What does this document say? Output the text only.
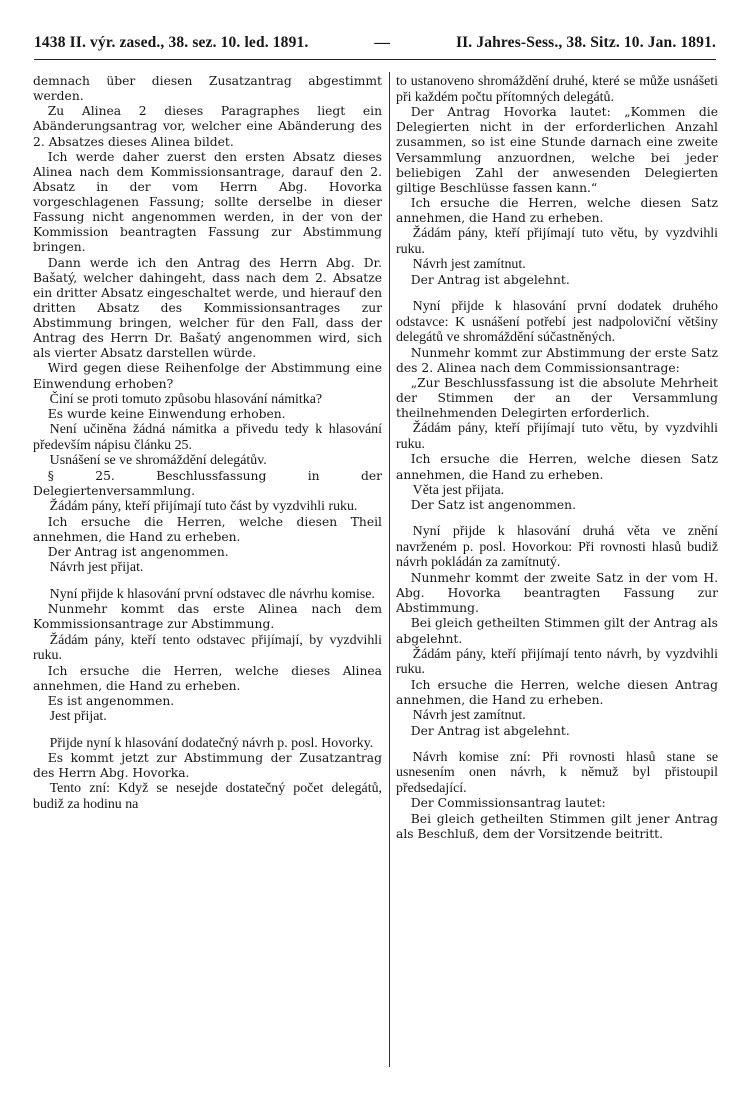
1438 II. výr. zased., 38. sez. 10. led. 1891.	—	II. Jahres-Sess., 38. Sitz. 10. Jan. 1891.

demnach über diesen Zusatzantrag abgestimmt werden.

Zu Alinea 2 dieses Paragraphes liegt ein Abänderungsantrag vor, welcher eine Abänderung des 2. Absatzes dieses Alinea bildet.

Ich werde daher zuerst den ersten Absatz dieses Alinea nach dem Kommissionsantrage, darauf den 2. Absatz in der vom Herrn Abg. Hovorka vorgeschlagenen Fassung; sollte derselbe in dieser Fassung nicht angenommen werden, in der von der Kommission beantragten Fassung zur Abstimmung bringen.

Dann werde ich den Antrag des Herrn Abg. Dr. Bašatý, welcher dahingeht, dass nach dem 2. Absatze ein dritter Absatz eingeschaltet werde, und hierauf den dritten Absatz des Kommissionsantrages zur Abstimmung bringen, welcher für den Fall, dass der Antrag des Herrn Dr. Bašatý angenommen wird, sich als vierter Absatz darstellen würde.

Wird gegen diese Reihenfolge der Abstimmung eine Einwendung erhoben?

Činí se proti tomuto způsobu hlasování námitka?

Es wurde keine Einwendung erhoben.

Není učiněna žádná námitka a přivedu tedy k hlasování především nápisu článku 25.

Usnášení se ve shromáždění delegátův.

§ 25. Beschlussfassung in der Delegiertenversammlung.

Žádám pány, kteří přijímají tuto část by vyzdvihli ruku.

Ich ersuche die Herren, welche diesen Theil annehmen, die Hand zu erheben.

Der Antrag ist angenommen.

Návrh jest přijat.

Nyní přijde k hlasování první odstavec dle návrhu komise.

Nunmehr kommt das erste Alinea nach dem Kommissionsantrage zur Abstimmung.

Žádám pány, kteří tento odstavec přijímají, by vyzdvihli ruku.

Ich ersuche die Herren, welche dieses Alinea annehmen, die Hand zu erheben.

Es ist angenommen.

Jest přijat.

Přijde nyní k hlasování dodatečný návrh p. posl. Hovorky.

Es kommt jetzt zur Abstimmung der Zusatzantrag des Herrn Abg. Hovorka.

Tento zní: Když se nesejde dostatečný počet delegátů, budiž za hodinu na

to ustanoveno shromáždění druhé, které se může usnášeti při každém počtu přítomných delegátů.

Der Antrag Hovorka lautet: „Kommen die Delegierten nicht in der erforderlichen Anzahl zusammen, so ist eine Stunde darnach eine zweite Versammlung anzuordnen, welche bei jeder beliebigen Zahl der anwesenden Delegierten giltige Beschlüsse fassen kann.“

Ich ersuche die Herren, welche diesen Satz annehmen, die Hand zu erheben.

Žádám pány, kteří přijímají tuto větu, by vyzdvihli ruku.

Návrh jest zamítnut.

Der Antrag ist abgelehnt.

Nyní přijde k hlasování první dodatek druhého odstavce: K usnášení potřebí jest nadpoloviční většiny delegátů ve shromáždění súčastněných.

Nunmehr kommt zur Abstimmung der erste Satz des 2. Alinea nach dem Commissionsantrage:

„Zur Beschlussfassung ist die absolute Mehrheit der Stimmen der an der Versammlung theilnehmenden Delegirten erforderlich.

Žádám pány, kteří přijímají tuto větu, by vyzdvihli ruku.

Ich ersuche die Herren, welche diesen Satz annehmen, die Hand zu erheben.

Věta jest přijata.

Der Satz ist angenommen.

Nyní přijde k hlasování druhá věta ve znění navrženém p. posl. Hovorkou: Při rovnosti hlasů budiž návrh pokládán za zamítnutý.

Nunmehr kommt der zweite Satz in der vom H. Abg. Hovorka beantragten Fassung zur Abstimmung.

Bei gleich getheilten Stimmen gilt der Antrag als abgelehnt.

Žádám pány, kteří přijímají tento návrh, by vyzdvihli ruku.

Ich ersuche die Herren, welche diesen Antrag annehmen, die Hand zu erheben.

Návrh jest zamítnut.

Der Antrag ist abgelehnt.

Návrh komise zní: Při rovnosti hlasů stane se usnesením onen návrh, k němuž byl přistoupil předsedající.

Der Commissionsantrag lautet:

Bei gleich getheilten Stimmen gilt jener Antrag als Beschluß, dem der Vorsitzende beitritt.
